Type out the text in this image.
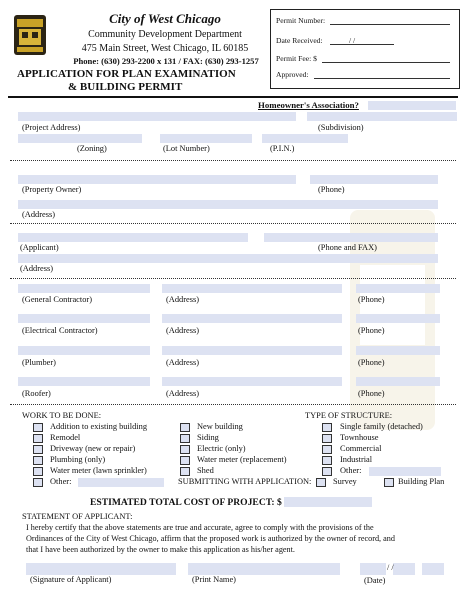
City of West Chicago
Community Development Department
475 Main Street, West Chicago, IL 60185
Phone: (630) 293-2200 x 131 / FAX: (630) 293-1257
APPLICATION FOR PLAN EXAMINATION
& BUILDING PERMIT
Permit Number:
Date Received:	/ /
Permit Fee: $
Approved:
Homeowner's Association?
(Project Address)	(Subdivision)
(Zoning)	(Lot Number)	(P.I.N.)
(Property Owner)	(Phone)
(Address)
(Applicant)	(Phone and FAX)
(Address)
(General Contractor)	(Address)	(Phone)
(Electrical Contractor)	(Address)	(Phone)
(Plumber)	(Address)	(Phone)
(Roofer)	(Address)	(Phone)
WORK TO BE DONE:	TYPE OF STRUCTURE:
Addition to existing building
Remodel
Driveway (new or repair)
Plumbing (only)
Water meter (lawn sprinkler)
Other:
New building
Siding
Electric (only)
Water meter (replacement)
Shed
SUBMITTING WITH APPLICATION:
Single family (detached)
Townhouse
Commercial
Industrial
Other:
Survey	Building Plan
ESTIMATED TOTAL COST OF PROJECT: $
STATEMENT OF APPLICANT:
I hereby certify that the above statements are true and accurate, agree to comply with the provisions of the
Ordinances of the City of West Chicago, affirm that the proposed work is authorized by the owner of record, and
that I have been authorized by the owner to make this application as his/her agent.
/ /
(Signature of Applicant)	(Print Name)	(Date)
